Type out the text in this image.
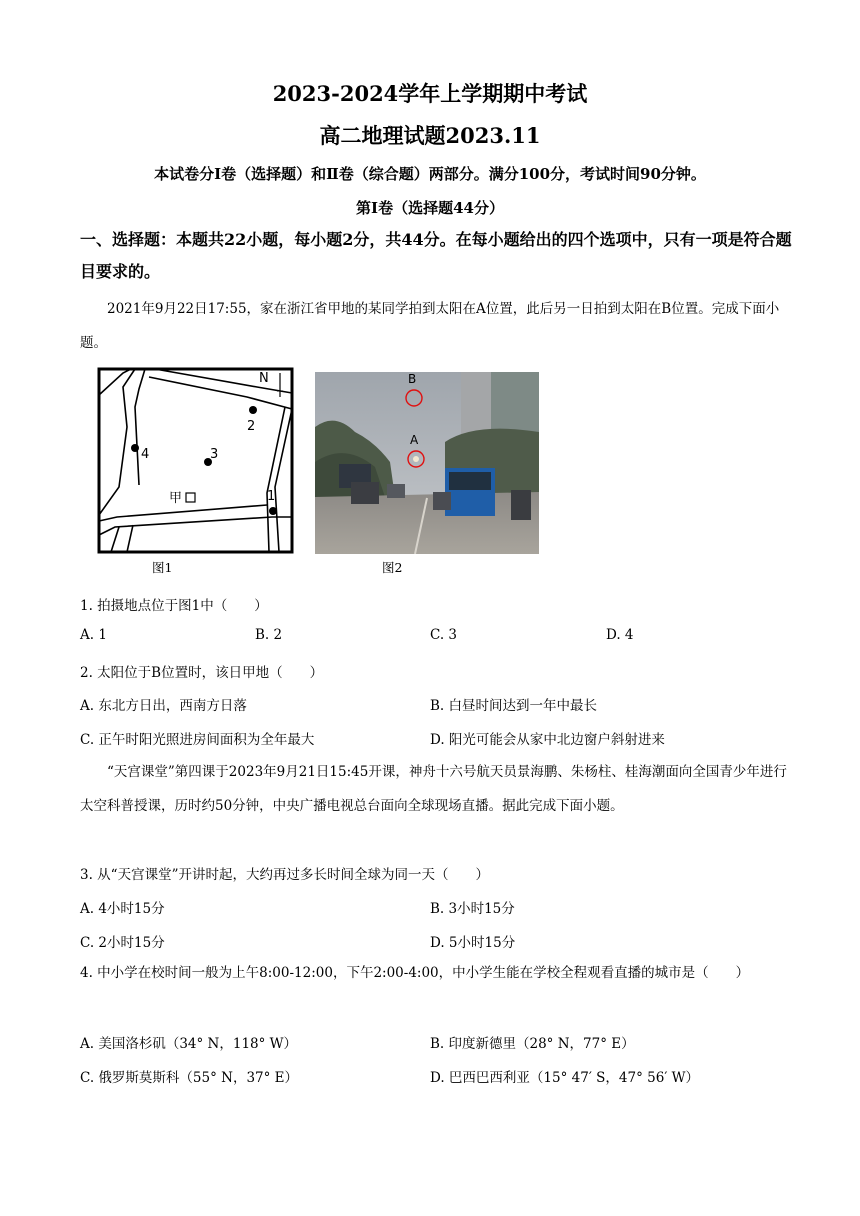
2023-2024学年上学期期中考试
高二地理试题2023.11
本试卷分Ⅰ卷（选择题）和Ⅱ卷（综合题）两部分。满分100分，考试时间90分钟。
第Ⅰ卷（选择题44分）
一、选择题：本题共22小题，每小题2分，共44分。在每小题给出的四个选项中，只有一项是符合题目要求的。
2021年9月22日17:55，家在浙江省甲地的某同学拍到太阳在A位置，此后另一日拍到太阳在B位置。完成下面小题。
N
2
3
4
1
甲
图1
B
A
图2
1. 拍摄地点位于图1中（　　）
A. 1	B. 2	C. 3	D. 4
2. 太阳位于B位置时，该日甲地（　　）
A. 东北方日出，西南方日落	B. 白昼时间达到一年中最长
C. 正午时阳光照进房间面积为全年最大	D. 阳光可能会从家中北边窗户斜射进来
“天宫课堂”第四课于2023年9月21日15:45开课，神舟十六号航天员景海鹏、朱杨柱、桂海潮面向全国青少年进行太空科普授课，历时约50分钟，中央广播电视总台面向全球现场直播。据此完成下面小题。
3. 从“天宫课堂”开讲时起，大约再过多长时间全球为同一天（　　）
A. 4小时15分	B. 3小时15分
C. 2小时15分	D. 5小时15分
4. 中小学在校时间一般为上午8:00-12:00，下午2:00-4:00，中小学生能在学校全程观看直播的城市是（　　）
A. 美国洛杉矶（34° N，118° W）	B. 印度新德里（28° N，77° E）
C. 俄罗斯莫斯科（55° N，37° E）	D. 巴西巴西利亚（15° 47′ S，47° 56′ W）
